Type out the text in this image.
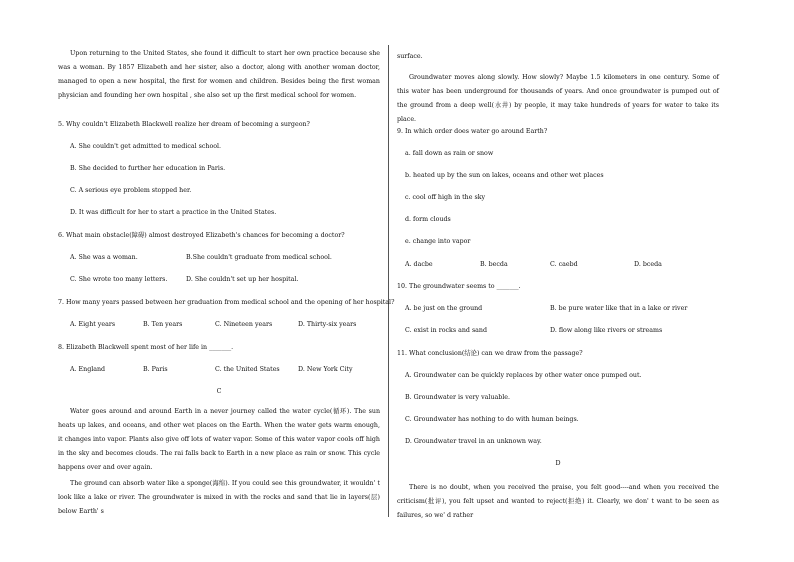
Upon returning to the United States, she found it difficult to start her own practice because she was a woman. By 1857 Elizabeth and her sister, also a doctor, along with another woman doctor, managed to open a new hospital, the first for women and children. Besides being the first woman physician and founding her own hospital , she also set up the first medical school for women.
5. Why couldn't Elizabeth Blackwell realize her dream of becoming a surgeon?
A. She couldn't get admitted to medical school.
B. She decided to further her education in Paris.
C. A serious eye problem stopped her.
D. It was difficult for her to start a practice in the United States.
6. What main obstacle(障碍) almost destroyed Elizabeth's chances for becoming a doctor?
A. She was a woman.	B.She couldn't graduate from medical school.
C. She wrote too many letters.	D. She couldn't set up her hospital.
7. How many years passed between her graduation from medical school and the opening of her hospital?
A. Eight years	B. Ten years	C. Nineteen years	D. Thirty-six years
8. Elizabeth Blackwell spent most of her life in _______.
A. England	B. Paris	C. the United States	D. New York City
C
Water goes around and around Earth in a never journey called the water cycle(循环). The sun heats up lakes, and oceans, and other wet places on the Earth. When the water gets warm enough, it changes into vapor. Plants also give off lots of water vapor. Some of this water vapor cools off high in the sky and becomes clouds. The rai falls back to Earth in a new place as rain or snow. This cycle happens over and over again.
The ground can absorb water like a sponge(海绵). If you could see this groundwater, it wouldn' t look like a lake or river. The groundwater is mixed in with the rocks and sand that lie in layers(层) below Earth' s
surface.
Groundwater moves along slowly. How slowly? Maybe 1.5 kilometers in one century. Some of this water has been underground for thousands of years. And once groundwater is pumped out of the ground from a deep well(水井) by people, it may take hundreds of years for water to take its place.
9. In which order does water go around Earth?
a. fall down as rain or snow
b. heated up by the sun on lakes, oceans and other wet places
c. cool off high in the sky
d. form clouds
e. change into vapor
A. dacbe	B. becda	C. caebd	D. bceda
10. The groundwater seems to _______.
A. be just on the ground	B. be pure water like that in a lake or river
C. exist in rocks and sand	D. flow along like rivers or streams
11. What conclusion(结论) can we draw from the passage?
A. Groundwater can be quickly replaces by other water once pumped out.
B. Groundwater is very valuable.
C. Groundwater has nothing to do with human beings.
D. Groundwater travel in an unknown way.
D
There is no doubt, when you received the praise, you felt good----and when you received the criticism(批评), you felt upset and wanted to reject(拒绝) it. Clearly, we don' t want to be seen as failures, so we' d rather
